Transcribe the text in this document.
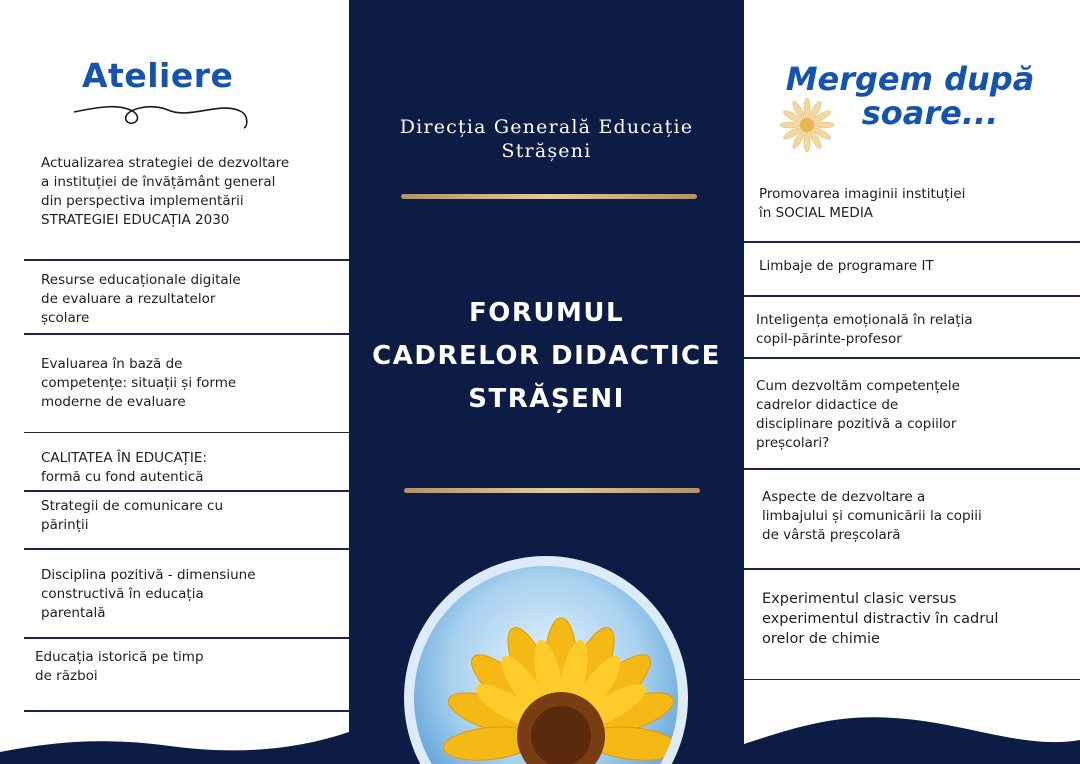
Ateliere
Actualizarea strategiei de dezvoltare
a instituției de învățământ general
din perspectiva implementării
STRATEGIEI EDUCAȚIA 2030
Resurse educaționale digitale
de evaluare a rezultatelor
școlare
Evaluarea în bază de
competențe: situații și forme
moderne de evaluare
CALITATEA ÎN EDUCAȚIE:
formă cu fond autentică
Strategii de comunicare cu
părinții
Disciplina pozitivă - dimensiune
constructivă în educația
parentală
Educația istorică pe timp
de război
Direcția Generală Educație
Strășeni
FORUMUL
CADRELOR DIDACTICE
STRĂȘENI
Mergem după
soare...
Promovarea imaginii instituției
în SOCIAL MEDIA
Limbaje de programare IT
Inteligența emoțională în relația
copil-părinte-profesor
Cum dezvoltăm competențele
cadrelor didactice de
disciplinare pozitivă a copiilor
preșcolari?
Aspecte de dezvoltare a
limbajului și comunicării la copiii
de vârstă preșcolară
Experimentul clasic versus
experimentul distractiv în cadrul
orelor de chimie
